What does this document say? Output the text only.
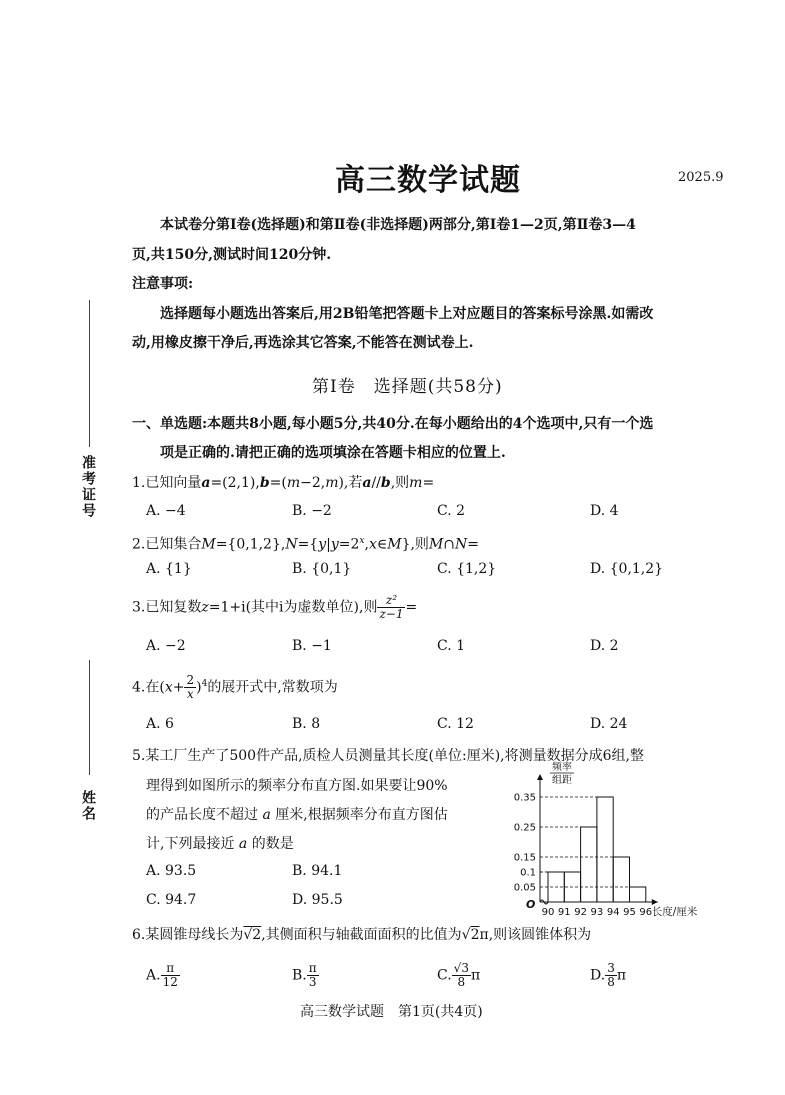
高三数学试题	2025.9
本试卷分第Ⅰ卷(选择题)和第Ⅱ卷(非选择题)两部分,第Ⅰ卷1—2页,第Ⅱ卷3—4
页,共150分,测试时间120分钟.
注意事项:
选择题每小题选出答案后,用2B铅笔把答题卡上对应题目的答案标号涂黑.如需改
动,用橡皮擦干净后,再选涂其它答案,不能答在测试卷上.
准考证号
姓名
第Ⅰ卷　选择题(共58分)
一、单选题:本题共8小题,每小题5分,共40分.在每小题给出的4个选项中,只有一个选
项是正确的.请把正确的选项填涂在答题卡相应的位置上.
1.已知向量a=(2,1),b=(m−2,m),若a//b,则m=
A. −4	B. −2	C. 2	D. 4
2.已知集合$M=\{0,1,2\},N=\{y|y=2^x,x\in M\}$,则M∩N=
A. {1}	B. {0,1}	C. {1,2}	D. {0,1,2}
3.已知复数z=1+i(其中i为虚数单位),则 $\frac{\text{z²}}{z-1}$ =
A. −2	B. −1	C. 1	D. 2
4.在$(x+ \frac{2}{x} )^4$的展开式中,常数项为
A. 6	B. 8	C. 12	D. 24
5.某工厂生产了500件产品,质检人员测量其长度(单位:厘米),将测量数据分成6组,整
理得到如图所示的频率分布直方图.如果要让90%
的产品长度不超过 a 厘米,根据频率分布直方图估
计,下列最接近 a 的数是
A. 93.5	B. 94.1
C. 94.7	D. 95.5
0.35
0.25
0.15
0.1
0.05
90 91 92 93 94 95 96
O
长度/厘米
频率
组距
6.某圆锥母线长为√2,其侧面积与轴截面面积的比值为√2π,则该圆锥体积为
A. $\frac{\pi}{12}$	B. $\frac{\pi}{3}$	C. $\frac{√3}{8}$ π	D. $\frac{3}{8}$ π
高三数学试题　第1页(共4页)
